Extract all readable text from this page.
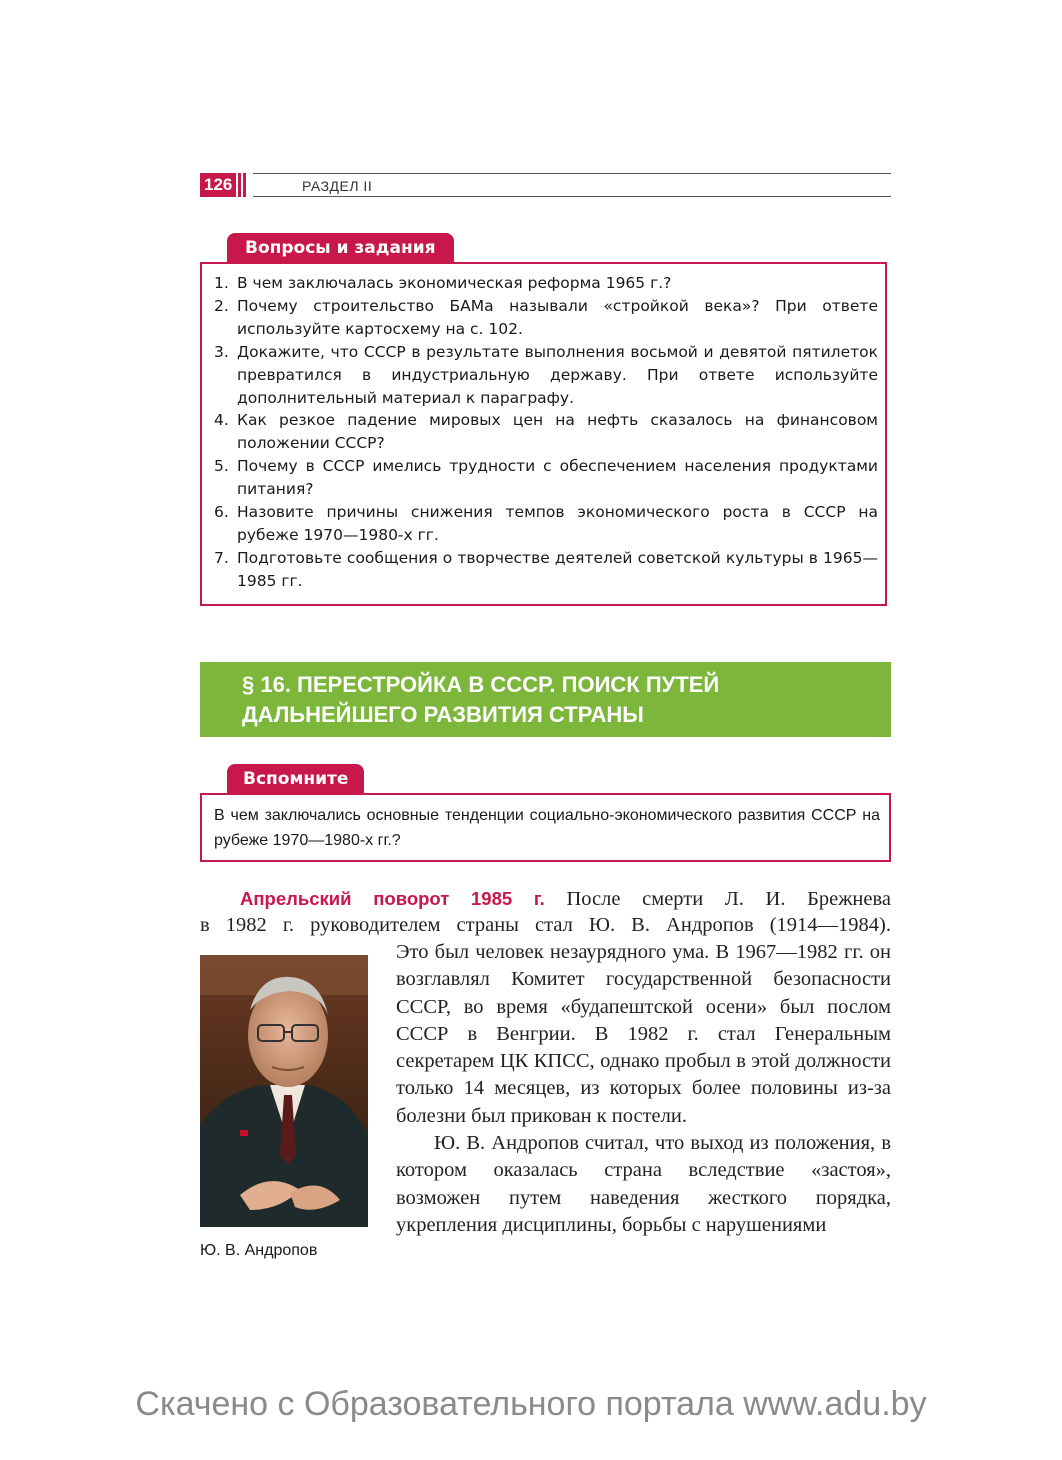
126	РАЗДЕЛ II
Вопросы и задания
1. В чем заключалась экономическая реформа 1965 г.?
2. Почему строительство БАМа называли «стройкой века»? При ответе используйте картосхему на с. 102.
3. Докажите, что СССР в результате выполнения восьмой и девятой пятилеток превратился в индустриальную державу. При ответе используйте дополнительный материал к параграфу.
4. Как резкое падение мировых цен на нефть сказалось на финансовом положении СССР?
5. Почему в СССР имелись трудности с обеспечением населения продуктами питания?
6. Назовите причины снижения темпов экономического роста в СССР на рубеже 1970—1980-х гг.
7. Подготовьте сообщения о творчестве деятелей советской культуры в 1965—1985 гг.
§ 16. ПЕРЕСТРОЙКА В СССР. ПОИСК ПУТЕЙ
ДАЛЬНЕЙШЕГО РАЗВИТИЯ СТРАНЫ
Вспомните
В чем заключались основные тенденции социально-экономического развития СССР на рубеже 1970—1980-х гг.?
Апрельский поворот 1985 г. После смерти Л. И. Брежнева
в 1982 г. руководителем страны стал Ю. В. Андропов (1914—1984).
Это был человек незаурядного ума. В 1967—1982 гг. он возглавлял Комитет государственной безопасности СССР, во время «будапештской осени» был послом СССР в Венгрии. В 1982 г. стал Генеральным секретарем ЦК КПСС, однако пробыл в этой должности только 14 месяцев, из которых более половины из-за болезни был прикован к постели.
Ю. В. Андропов считал, что выход из положения, в котором оказалась страна вследствие «застоя», возможен путем наведения жесткого порядка, укрепления дисциплины, борьбы с нарушениями
Ю. В. Андропов
Скачено с Образовательного портала www.adu.by
